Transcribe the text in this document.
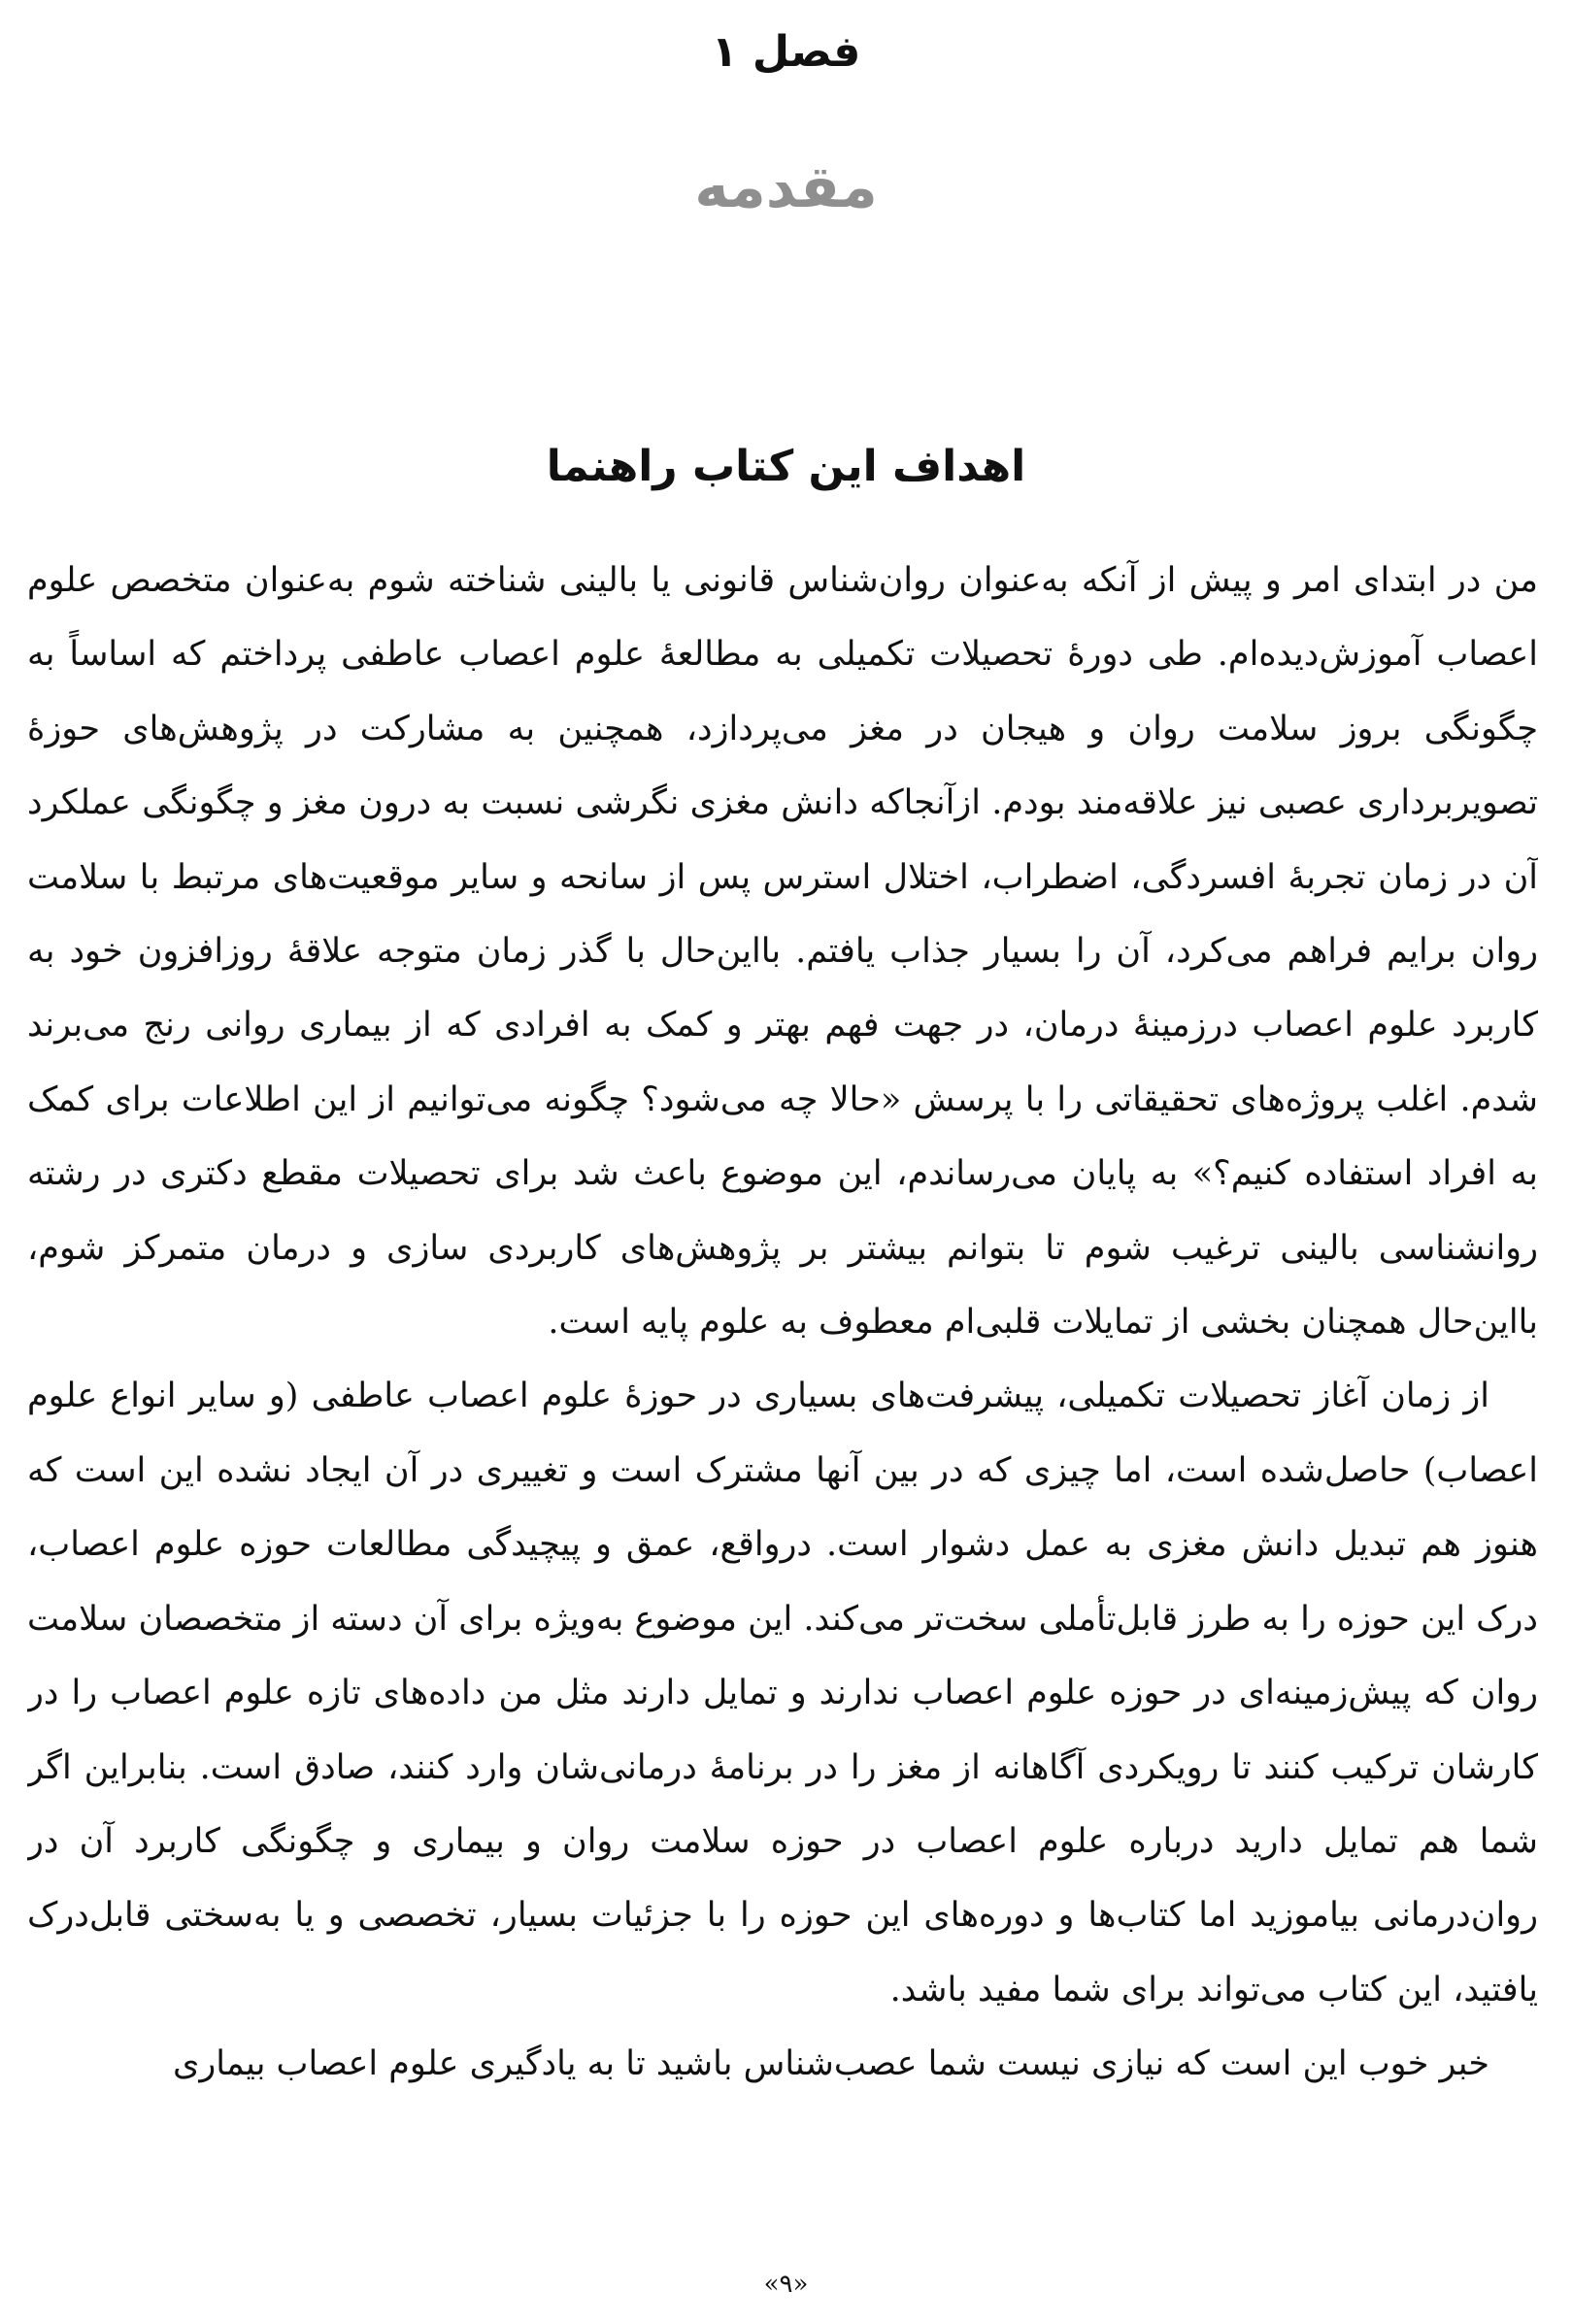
فصل ۱
مقدمه
اهداف این کتاب راهنما

من در ابتدای امر و پیش از آنکه به‌عنوان روان‌شناس قانونی یا بالینی شناخته شوم به‌عنوان متخصص علوم اعصاب آموزش‌دیده‌ام. طی دورهٔ تحصیلات تکمیلی به مطالعهٔ علوم اعصاب عاطفی پرداختم که اساساً به چگونگی بروز سلامت روان و هیجان در مغز می‌پردازد، همچنین به مشارکت در پژوهش‌های حوزهٔ تصویربرداری عصبی نیز علاقه‌مند بودم. ازآنجاکه دانش مغزی نگرشی نسبت به درون مغز و چگونگی عملکرد آن در زمان تجربهٔ افسردگی، اضطراب، اختلال استرس پس از سانحه و سایر موقعیت‌های مرتبط با سلامت روان برایم فراهم می‌کرد، آن را بسیار جذاب یافتم. بااین‌حال با گذر زمان متوجه علاقهٔ روزافزون خود به کاربرد علوم اعصاب درزمینهٔ درمان، در جهت فهم بهتر و کمک به افرادی که از بیماری روانی رنج می‌برند شدم. اغلب پروژه‌های تحقیقاتی را با پرسش «حالا چه می‌شود؟ چگونه می‌توانیم از این اطلاعات برای کمک به افراد استفاده کنیم؟» به پایان می‌رساندم، این موضوع باعث شد برای تحصیلات مقطع دکتری در رشته روانشناسی بالینی ترغیب شوم تا بتوانم بیشتر بر پژوهش‌های کاربردی سازی و درمان متمرکز شوم، بااین‌حال همچنان بخشی از تمایلات قلبی‌ام معطوف به علوم پایه است.

از زمان آغاز تحصیلات تکمیلی، پیشرفت‌های بسیاری در حوزهٔ علوم اعصاب عاطفی (و سایر انواع علوم اعصاب) حاصل‌شده است، اما چیزی که در بین آنها مشترک است و تغییری در آن ایجاد نشده این است که هنوز هم تبدیل دانش مغزی به عمل دشوار است. درواقع، عمق و پیچیدگی مطالعات حوزه علوم اعصاب، درک این حوزه را به طرز قابل‌تأملی سخت‌تر می‌کند. این موضوع به‌ویژه برای آن دسته از متخصصان سلامت روان که پیش‌زمینه‌ای در حوزه علوم اعصاب ندارند و تمایل دارند مثل من داده‌های تازه علوم اعصاب را در کارشان ترکیب کنند تا رویکردی آگاهانه از مغز را در برنامهٔ درمانی‌شان وارد کنند، صادق است. بنابراین اگر شما هم تمایل دارید درباره علوم اعصاب در حوزه سلامت روان و بیماری و چگونگی کاربرد آن در روان‌درمانی بیاموزید اما کتاب‌ها و دوره‌های این حوزه را با جزئیات بسیار، تخصصی و یا به‌سختی قابل‌درک یافتید، این کتاب می‌تواند برای شما مفید باشد.

خبر خوب این است که نیازی نیست شما عصب‌شناس باشید تا به یادگیری علوم اعصاب بیماری

«۹»
